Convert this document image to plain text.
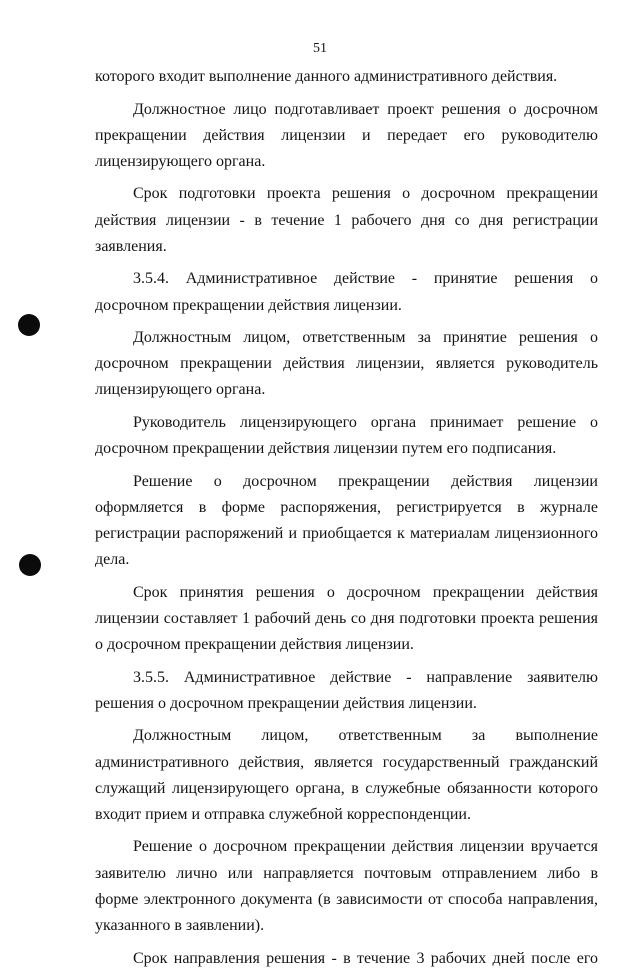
51

которого входит выполнение данного административного действия.

Должностное лицо подготавливает проект решения о досрочном прекращении действия лицензии и передает его руководителю лицензирующего органа.

Срок подготовки проекта решения о досрочном прекращении действия лицензии - в течение 1 рабочего дня со дня регистрации заявления.

3.5.4. Административное действие - принятие решения о досрочном прекращении действия лицензии.

Должностным лицом, ответственным за принятие решения о досрочном прекращении действия лицензии, является руководитель лицензирующего органа.

Руководитель лицензирующего органа принимает решение о досрочном прекращении действия лицензии путем его подписания.

Решение о досрочном прекращении действия лицензии оформляется в форме распоряжения, регистрируется в журнале регистрации распоряжений и приобщается к материалам лицензионного дела.

Срок принятия решения о досрочном прекращении действия лицензии составляет 1 рабочий день со дня подготовки проекта решения о досрочном прекращении действия лицензии.

3.5.5. Административное действие - направление заявителю решения о досрочном прекращении действия лицензии.

Должностным лицом, ответственным за выполнение административного действия, является государственный гражданский служащий лицензирующего органа, в служебные обязанности которого входит прием и отправка служебной корреспонденции.

Решение о досрочном прекращении действия лицензии вручается заявителю лично или направляется почтовым отправлением либо в форме электронного документа (в зависимости от способа направления, указанного в заявлении).

Срок направления решения - в течение 3 рабочих дней после его
